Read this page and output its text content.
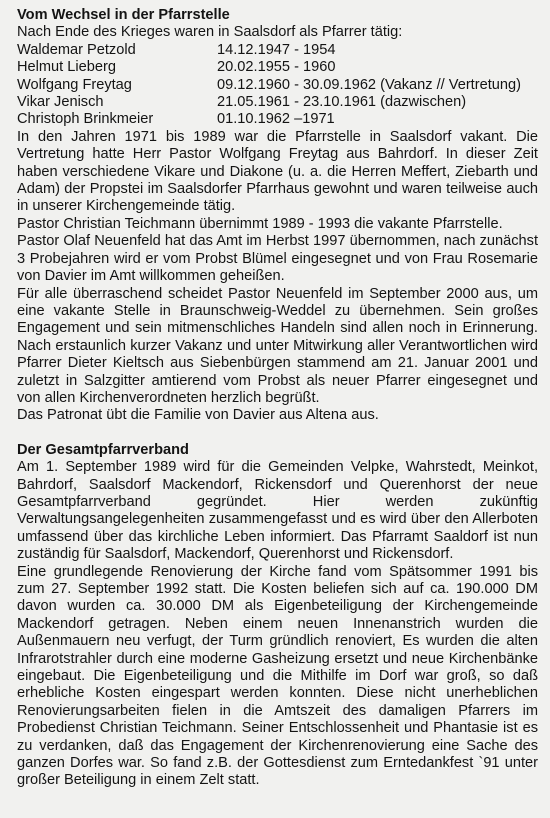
Vom Wechsel in der Pfarrstelle

Nach Ende des Krieges waren in Saalsdorf als Pfarrer tätig:

Waldemar Petzold	14.12.1947 - 1954
Helmut Lieberg	20.02.1955 - 1960
Wolfgang Freytag	09.12.1960 - 30.09.1962 (Vakanz // Vertretung)
Vikar Jenisch	21.05.1961 - 23.10.1961 (dazwischen)
Christoph Brinkmeier	01.10.1962 –1971

In den Jahren 1971 bis 1989 war die Pfarrstelle in Saalsdorf vakant. Die Vertretung hatte Herr Pastor Wolfgang Freytag aus Bahrdorf. In dieser Zeit haben verschiedene Vikare und Diakone (u. a. die Herren Meffert, Ziebarth und Adam) der Propstei im Saalsdorfer Pfarrhaus gewohnt und waren teilweise auch in unserer Kirchengemeinde tätig.

Pastor Christian Teichmann übernimmt 1989 - 1993 die vakante Pfarrstelle.

Pastor Olaf Neuenfeld hat das Amt im Herbst 1997 übernommen, nach zunächst 3 Probejahren wird er vom Probst Blümel eingesegnet und von Frau Rosemarie von Davier im Amt willkommen geheißen.

Für alle überraschend scheidet Pastor Neuenfeld im September 2000 aus, um eine vakante Stelle in Braunschweig-Weddel zu übernehmen. Sein großes Engagement und sein mitmenschliches Handeln sind allen noch in Erinnerung. Nach erstaunlich kurzer Vakanz und unter Mitwirkung aller Verantwortlichen wird Pfarrer Dieter Kieltsch aus Siebenbürgen stammend am 21. Januar 2001 und zuletzt in Salzgitter amtierend vom Probst als neuer Pfarrer eingesegnet und von allen Kirchenverordneten herzlich begrüßt.

Das Patronat übt die Familie von Davier aus Altena aus.

Der Gesamtpfarrverband

Am 1. September 1989 wird für die Gemeinden Velpke, Wahrstedt, Meinkot, Bahrdorf, Saalsdorf Mackendorf, Rickensdorf und Querenhorst der neue Gesamtpfarrverband gegründet. Hier werden zukünftig Verwaltungsangelegenheiten zusammengefasst und es wird über den Allerboten umfassend über das kirchliche Leben informiert. Das Pfarramt Saaldorf ist nun zuständig für Saalsdorf, Mackendorf, Querenhorst und Rickensdorf.

Eine grundlegende Renovierung der Kirche fand vom Spätsommer 1991 bis zum 27. September 1992 statt. Die Kosten beliefen sich auf ca. 190.000 DM davon wurden ca. 30.000 DM als Eigenbeteiligung der Kirchengemeinde Mackendorf getragen. Neben einem neuen Innenanstrich wurden die Außenmauern neu verfugt, der Turm gründlich renoviert, Es wurden die alten Infrarotstrahler durch eine moderne Gasheizung ersetzt und neue Kirchenbänke eingebaut. Die Eigenbeteiligung und die Mithilfe im Dorf war groß, so daß erhebliche Kosten eingespart werden konnten. Diese nicht unerheblichen Renovierungsarbeiten fielen in die Amtszeit des damaligen Pfarrers im Probedienst Christian Teichmann. Seiner Entschlossenheit und Phantasie ist es zu verdanken, daß das Engagement der Kirchenrenovierung eine Sache des ganzen Dorfes war. So fand z.B. der Gottesdienst zum Erntedankfest `91 unter großer Beteiligung in einem Zelt statt.
